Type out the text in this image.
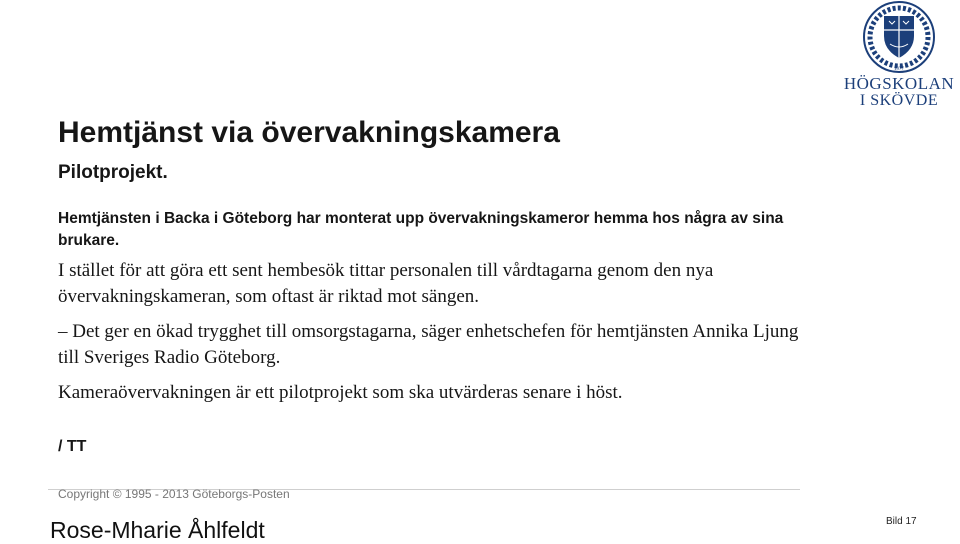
1977
HÖGSKOLAN
I SKÖVDE
Hemtjänst via övervakningskamera

Pilotprojekt.

Hemtjänsten i Backa i Göteborg har monterat upp övervakningskameror hemma hos några av sina brukare.

I stället för att göra ett sent hembesök tittar personalen till vårdtagarna genom den nya övervakningskameran, som oftast är riktad mot sängen.

– Det ger en ökad trygghet till omsorgstagarna, säger enhetschefen för hemtjänsten Annika Ljung till Sveriges Radio Göteborg.

Kameraövervakningen är ett pilotprojekt som ska utvärderas senare i höst.

/ TT

Copyright © 1995 - 2013 Göteborgs-Posten

Rose-Mharie Åhlfeldt	Bild 17
